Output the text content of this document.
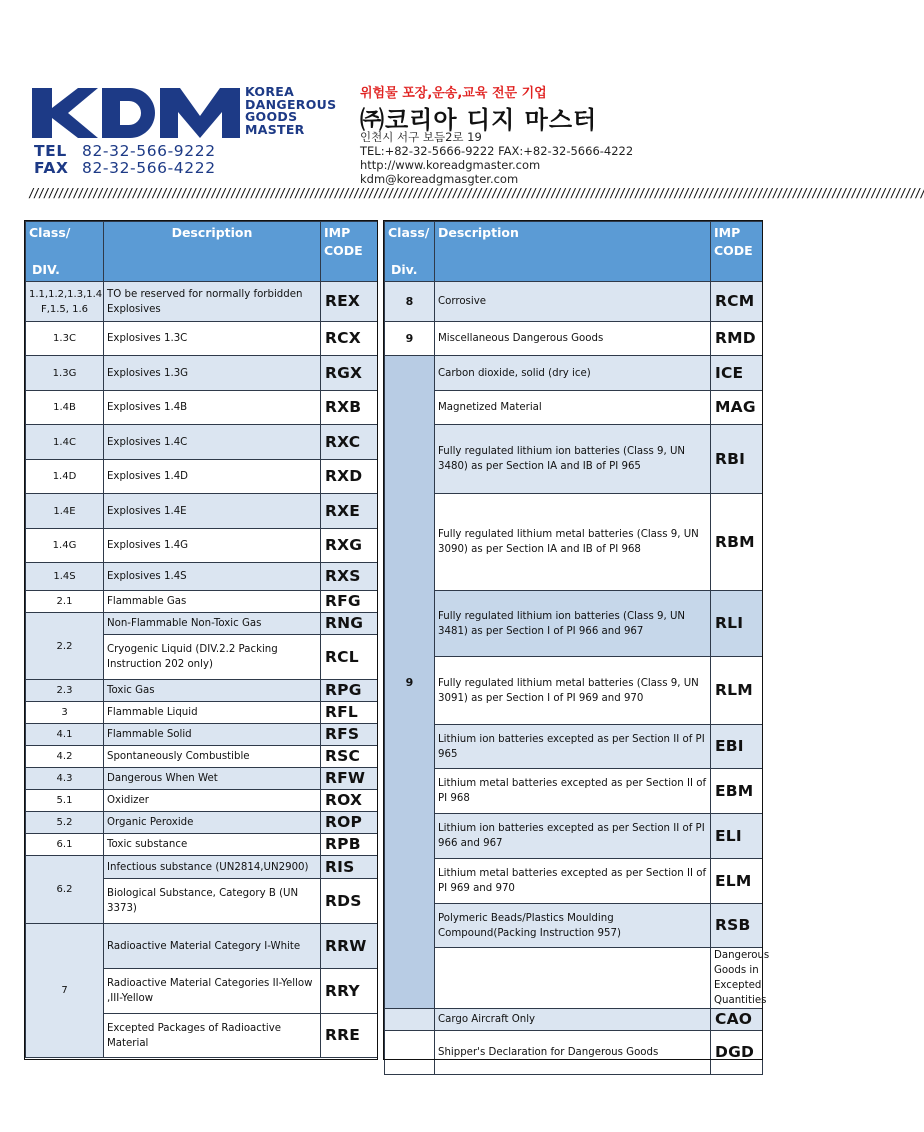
KOREA
DANGEROUS
GOODS
MASTER
TEL 82-32-566-9222
FAX 82-32-566-4222
위험물 포장,운송,교육 전문 기업
㈜코리아 디지 마스터
인천시 서구 보듬2로 19
TEL:+82-32-5666-9222 FAX:+82-32-5666-4222
http://www.koreadgmaster.com
kdm@koreadgmasgter.com
//////////////////////////////////////////////////////////////////////////////////////////////////////////////////////////////////////////////////////////////////////////////////////
Class/
DIV.	Description	IMP CODE
1.1,1.2,1.3,1.4 F,1.5, 1.6	TO be reserved for normally forbidden Explosives	REX
1.3C	Explosives 1.3C	RCX
1.3G	Explosives 1.3G	RGX
1.4B	Explosives 1.4B	RXB
1.4C	Explosives 1.4C	RXC
1.4D	Explosives 1.4D	RXD
1.4E	Explosives 1.4E	RXE
1.4G	Explosives 1.4G	RXG
1.4S	Explosives 1.4S	RXS
2.1	Flammable Gas	RFG
2.2	Non-Flammable Non-Toxic Gas	RNG
	Cryogenic Liquid (DIV.2.2 Packing Instruction 202 only)	RCL
2.3	Toxic Gas	RPG
3	Flammable Liquid	RFL
4.1	Flammable Solid	RFS
4.2	Spontaneously Combustible	RSC
4.3	Dangerous When Wet	RFW
5.1	Oxidizer	ROX
5.2	Organic Peroxide	ROP
6.1	Toxic substance	RPB
6.2	Infectious substance (UN2814,UN2900)	RIS
	Biological Substance, Category B (UN 3373)	RDS
7	Radioactive Material Category I-White	RRW
	Radioactive Material Categories II-Yellow ,III-Yellow	RRY
	Excepted Packages of Radioactive Material	RRE
Class/
Div.	Description	IMP CODE	
8	Corrosive	RCM	
9	Miscellaneous Dangerous Goods	RMD	
9	Carbon dioxide, solid (dry ice)	ICE	
	Magnetized Material	MAG	
	Fully regulated lithium ion batteries (Class 9, UN 3480) as per Section IA and IB of PI 965	RBI	
	Fully regulated lithium metal batteries (Class 9, UN 3090) as per Section IA and IB of PI 968	RBM	
	Fully regulated lithium ion batteries (Class 9, UN 3481) as per Section I of PI 966 and 967	RLI	
	Fully regulated lithium metal batteries (Class 9, UN 3091) as per Section I of PI 969 and 970	RLM	
	Lithium ion batteries excepted as per Section II of PI 965	EBI	
	Lithium metal batteries excepted as per Section II of PI 968	EBM	
	Lithium ion batteries excepted as per Section II of PI 966 and 967	ELI	
	Lithium metal batteries excepted as per Section II of PI 969 and 970	ELM	
	Polymeric Beads/Plastics Moulding Compound(Packing Instruction 957)	RSB	
		Dangerous Goods in Excepted Quantities	
	Cargo Aircraft Only	CAO	
	Shipper's Declaration for Dangerous Goods	DGD	
